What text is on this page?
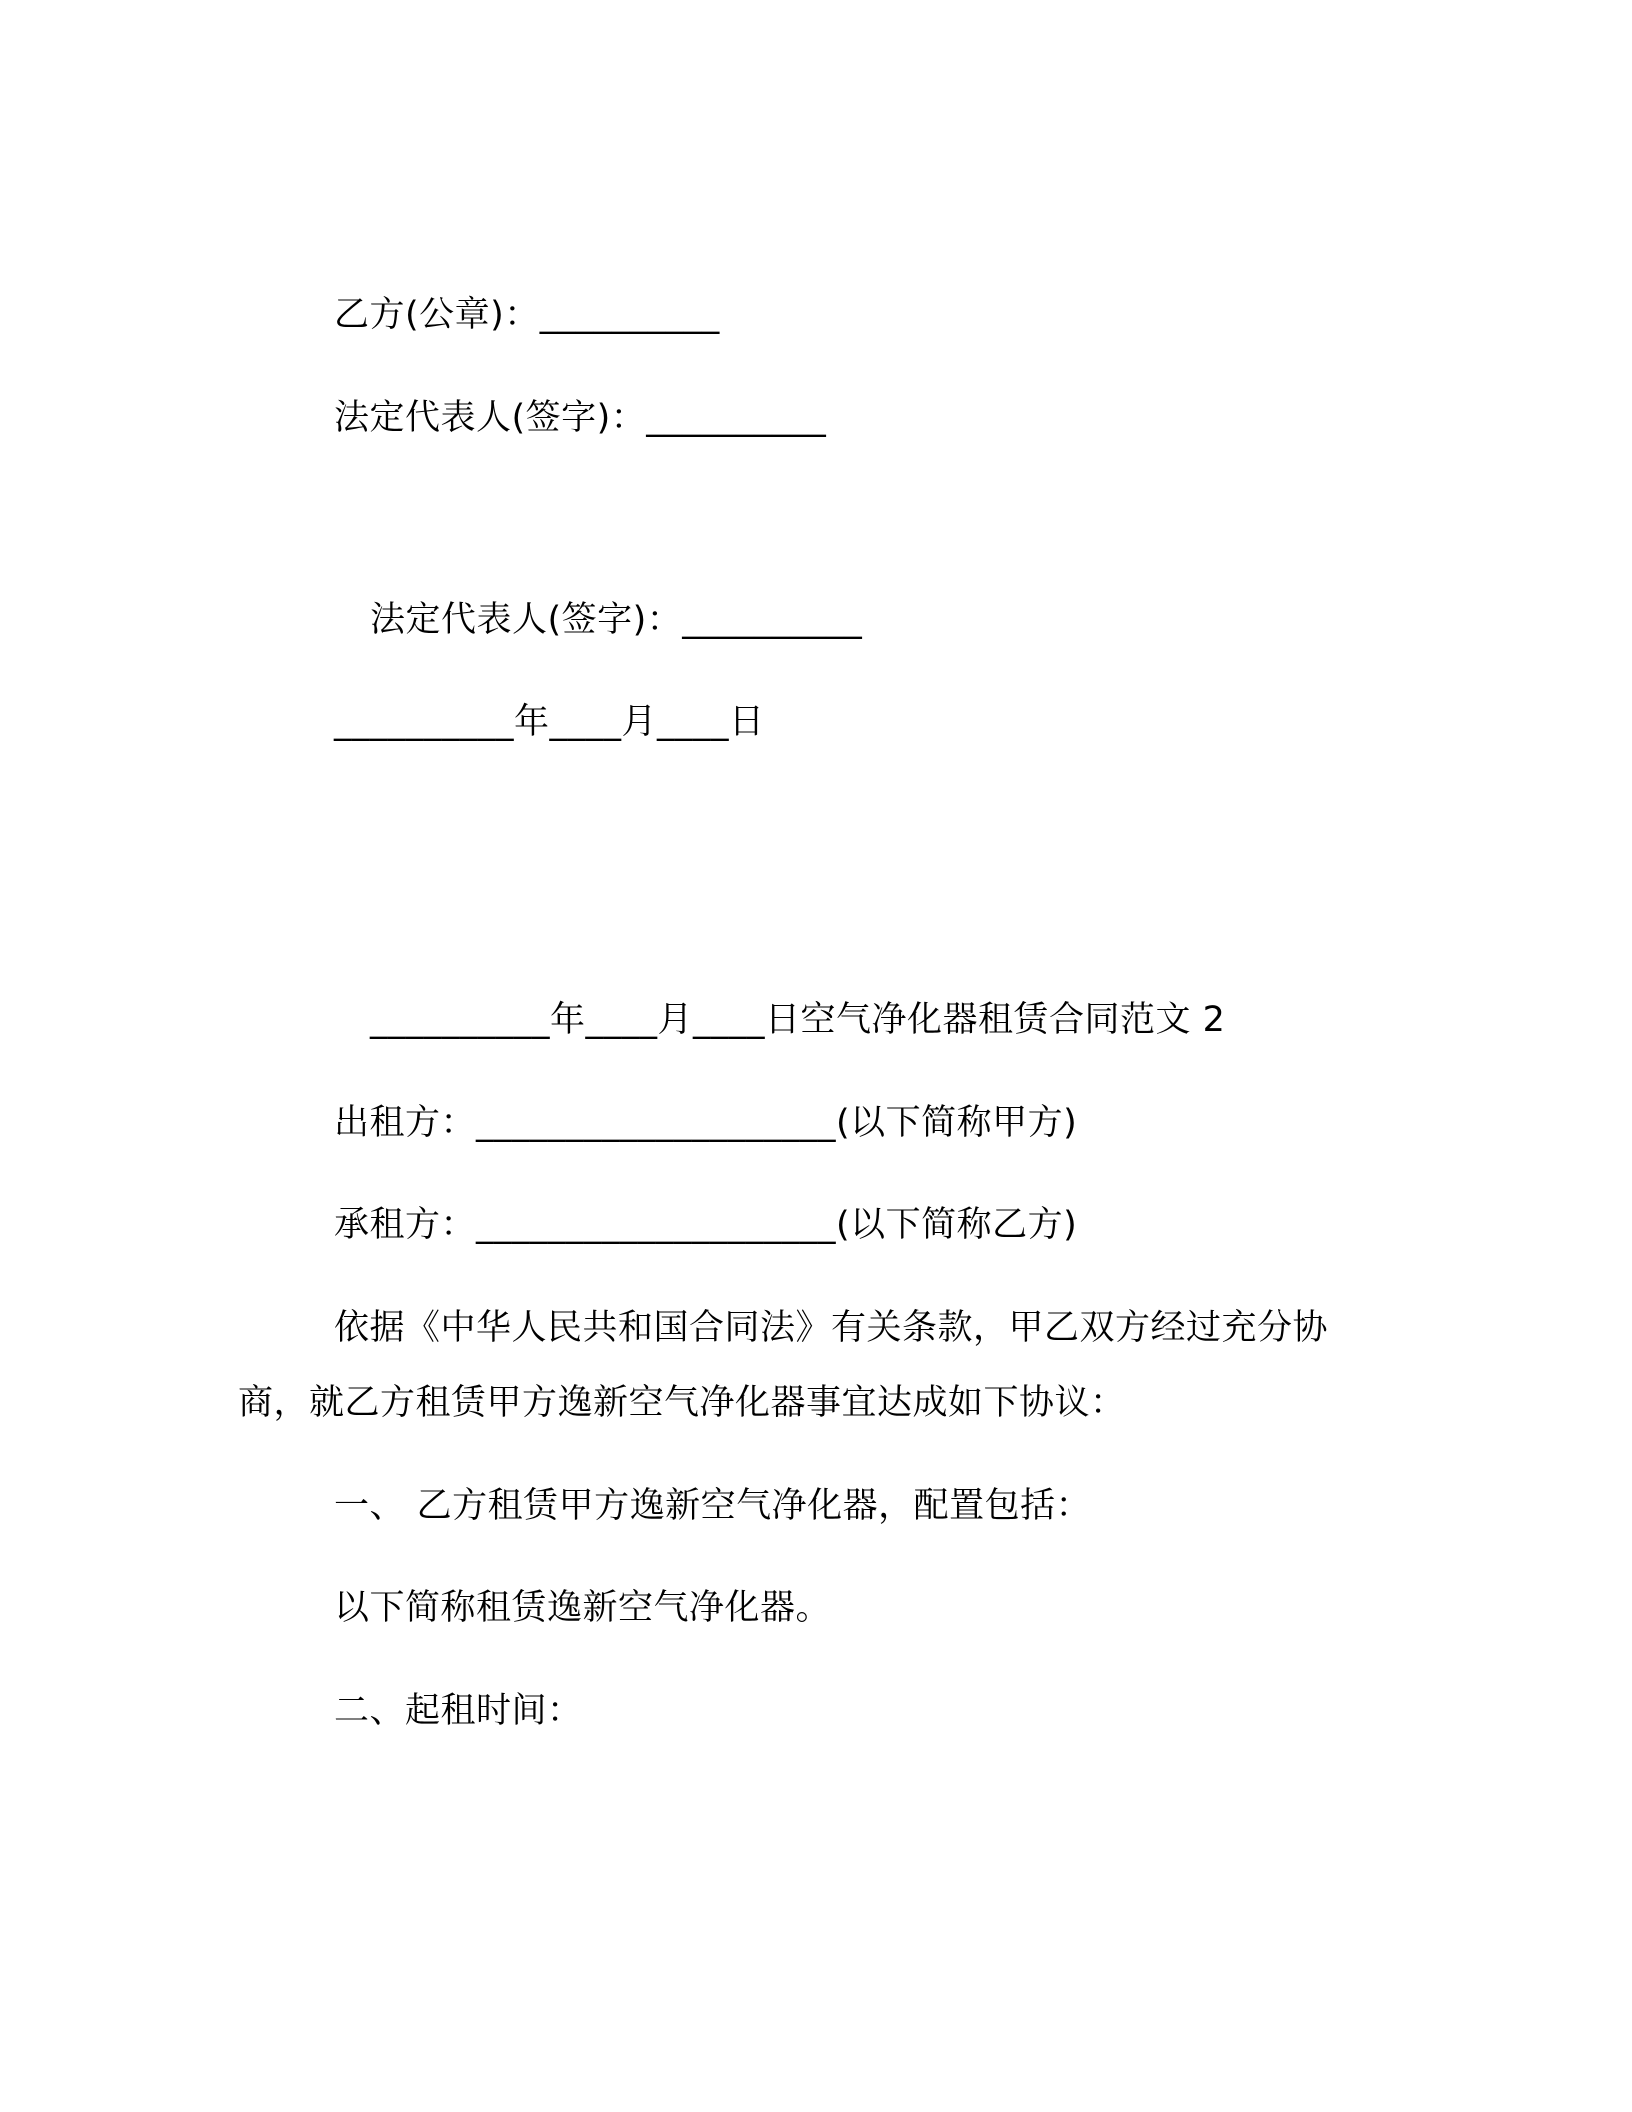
乙方(公章)：__________
法定代表人(签字)：__________
法定代表人(签字)：__________
__________年____月____日
__________年____月____日空气净化器租赁合同范文 2
出租方：____________________(以下简称甲方)
承租方：____________________(以下简称乙方)
依据《中华人民共和国合同法》有关条款，甲乙双方经过充分协
商，就乙方租赁甲方逸新空气净化器事宜达成如下协议：
一、 乙方租赁甲方逸新空气净化器，配置包括：
以下简称租赁逸新空气净化器。
二、起租时间：
